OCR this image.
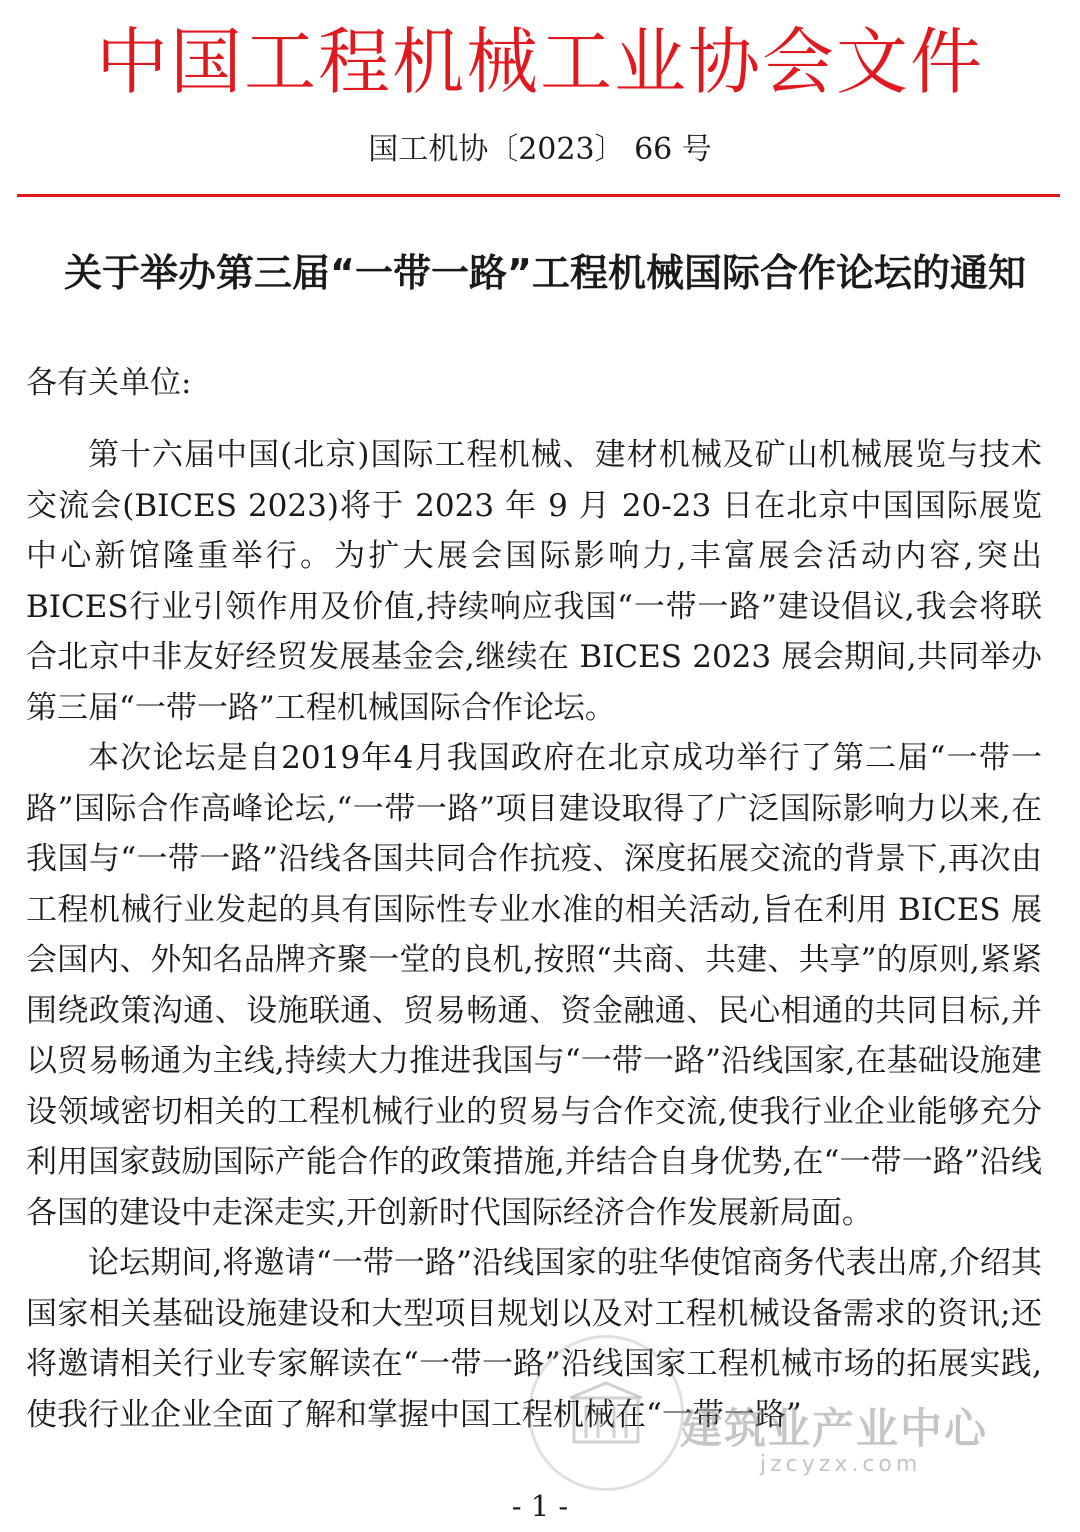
中国工程机械工业协会文件
国工机协〔2023〕 66 号
关于举办第三届“一带一路”工程机械国际合作论坛的通知
各有关单位:

第十六届中国(北京)国际工程机械、建材机械及矿山机械展览与技术交流会(BICES 2023)将于 2023 年 9 月 20-23 日在北京中国国际展览中心新馆隆重举行。为扩大展会国际影响力,丰富展会活动内容,突出BICES行业引领作用及价值,持续响应我国“一带一路”建设倡议,我会将联合北京中非友好经贸发展基金会,继续在 BICES 2023 展会期间,共同举办第三届“一带一路”工程机械国际合作论坛。

本次论坛是自2019年4月我国政府在北京成功举行了第二届“一带一路”国际合作高峰论坛,“一带一路”项目建设取得了广泛国际影响力以来,在我国与“一带一路”沿线各国共同合作抗疫、深度拓展交流的背景下,再次由工程机械行业发起的具有国际性专业水准的相关活动,旨在利用 BICES 展会国内、外知名品牌齐聚一堂的良机,按照“共商、共建、共享”的原则,紧紧围绕政策沟通、设施联通、贸易畅通、资金融通、民心相通的共同目标,并以贸易畅通为主线,持续大力推进我国与“一带一路”沿线国家,在基础设施建设领域密切相关的工程机械行业的贸易与合作交流,使我行业企业能够充分利用国家鼓励国际产能合作的政策措施,并结合自身优势,在“一带一路”沿线各国的建设中走深走实,开创新时代国际经济合作发展新局面。

论坛期间,将邀请“一带一路”沿线国家的驻华使馆商务代表出席,介绍其国家相关基础设施建设和大型项目规划以及对工程机械设备需求的资讯;还将邀请相关行业专家解读在“一带一路”沿线国家工程机械市场的拓展实践,使我行业企业全面了解和掌握中国工程机械在“一带一路”

建筑业产业中心
jzcyzx.com
- 1 -
